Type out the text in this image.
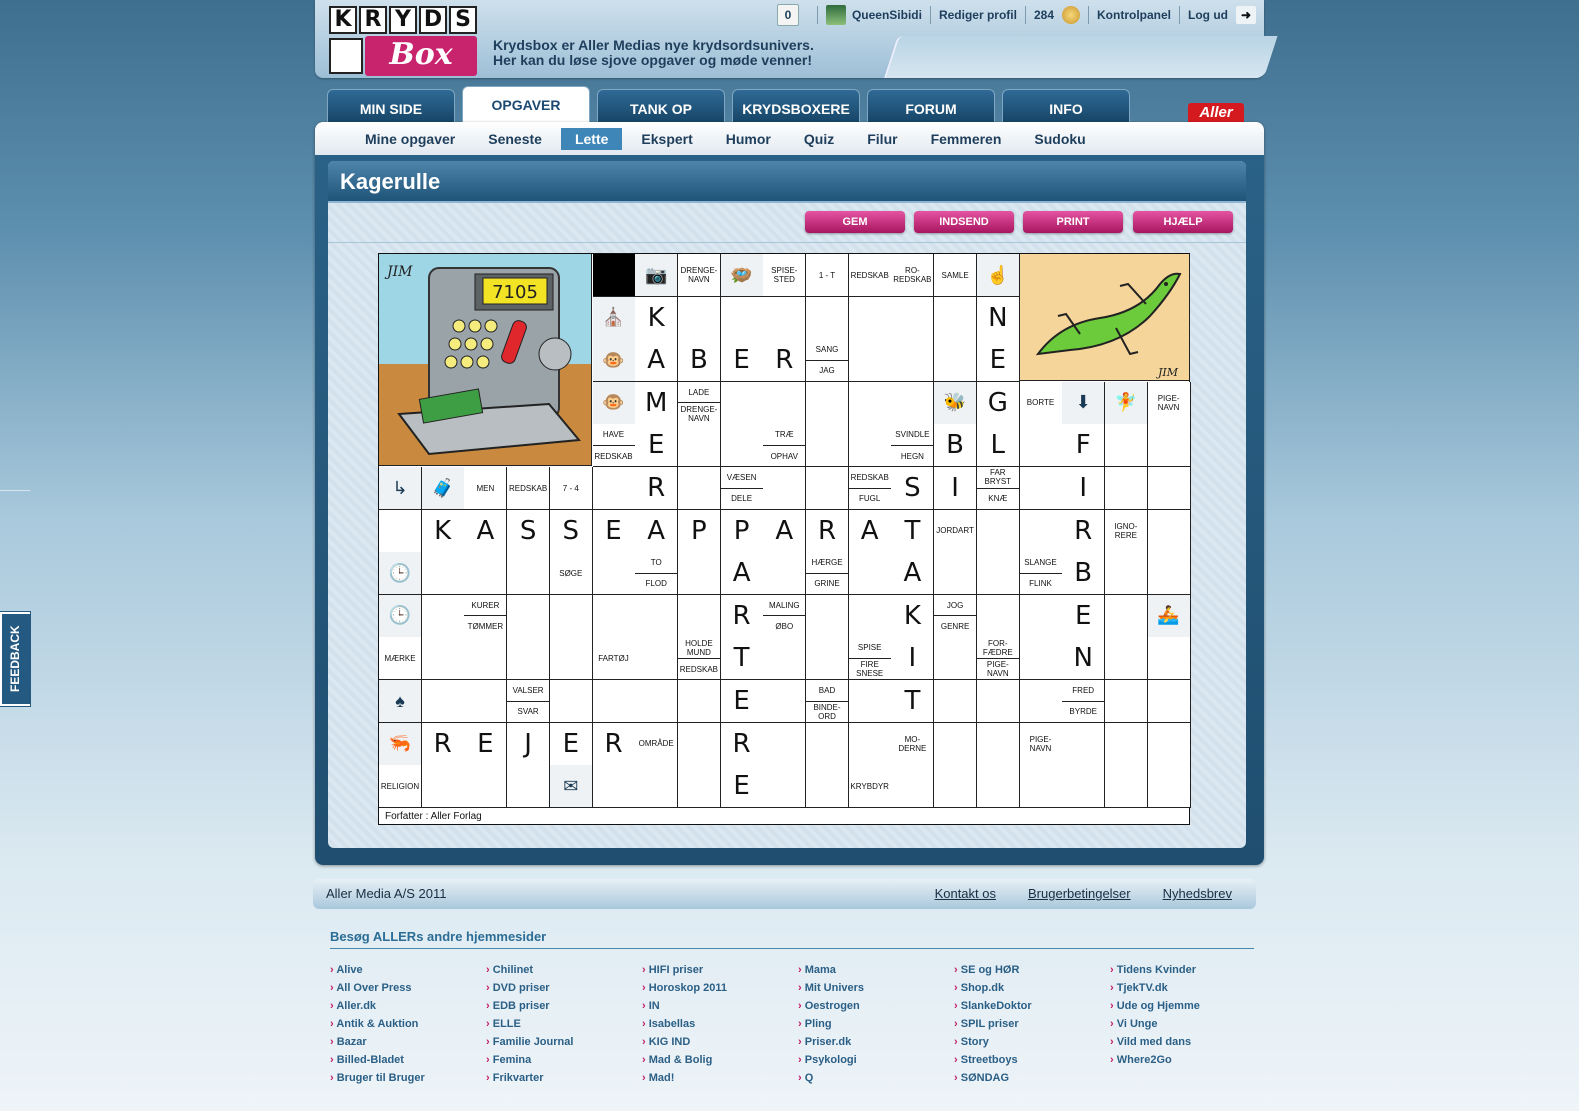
FEEDBACK
K R Y D S
Box	Krydsbox er Aller Medias nye krydsordsunivers.
Her kan du løse sjove opgaver og møde venner!
0	QueenSibidi Rediger profil 284	Kontrolpanel Log ud	➜
MIN SIDE	OPGAVER	TANK OP	KRYDSBOXERE	FORUM	INFO	Aller
Mine opgaver	Seneste	Lette	Ekspert	Humor	Quiz	Filur	Femmeren	Sudoku
Kagerulle
GEM	INDSEND	PRINT	HJÆLP
7105
JIM
JIM
Forfatter : Aller Forlag
📷	DRENGE-NAVN	🪺	SPISE-STED	1 - T REDSKAB	RO-REDSKAB SAMLE ☝
⛪ K	N
🐵 A B E R	SANG
JAG	E
🐵 M	LADE
DRENGE-NAVN
🐝 G BORTE ⬇ 🧚	PIGE-NAVN
HAVE
REDSKAB E	TRÆ
OPHAV
SVINDLE
HEGN B L	F
↳ 🧳	MEN REDSKAB 7 - 4	R	VÆSEN
DELE
REDSKAB
FUGL S I
FAR BRYST
KNÆ	I
K A S S E A P P A R A T JORDART	R	IGNO-RERE
🕒	SØGE
TO
FLOD	A	HÆRGE
GRINE A	SLANGE
FLINK B
🕒
KURER
TØMMER	R MALING
ØBO	K	JOG
GENRE	E	🚣
MÆRKE	FARTØJ
HOLDE MUND
REDSKAB T	SPISE
FIRE SNESE
I
FOR-FÆDRE
PIGE-NAVN
N
♠
VALSER
SVAR	E	BAD
BINDE-ORD
T	FRED
BYRDE
🦐 R E J E R OMRÅDE R	MO-DERNE
PIGE-NAVN
RELIGION	✉	E	KRYBDYR
Aller Media A/S 2011	Kontakt os Brugerbetingelser Nyhedsbrev
Besøg ALLERs andre hjemmesider
› Alive
› All Over Press
› Aller.dk
› Antik & Auktion
› Bazar
› Billed-Bladet
› Bruger til Bruger
› Chilinet
› DVD priser
› EDB priser
› ELLE
› Familie Journal
› Femina
› Frikvarter
› HIFI priser
› Horoskop 2011
› IN
› Isabellas
› KIG IND
› Mad & Bolig
› Mad!
› Mama
› Mit Univers
› Oestrogen
› Pling
› Priser.dk
› Psykologi
› Q
› SE og HØR
› Shop.dk
› SlankeDoktor
› SPIL priser
› Story
› Streetboys
› SØNDAG
› Tidens Kvinder
› TjekTV.dk
› Ude og Hjemme
› Vi Unge
› Vild med dans
› Where2Go
